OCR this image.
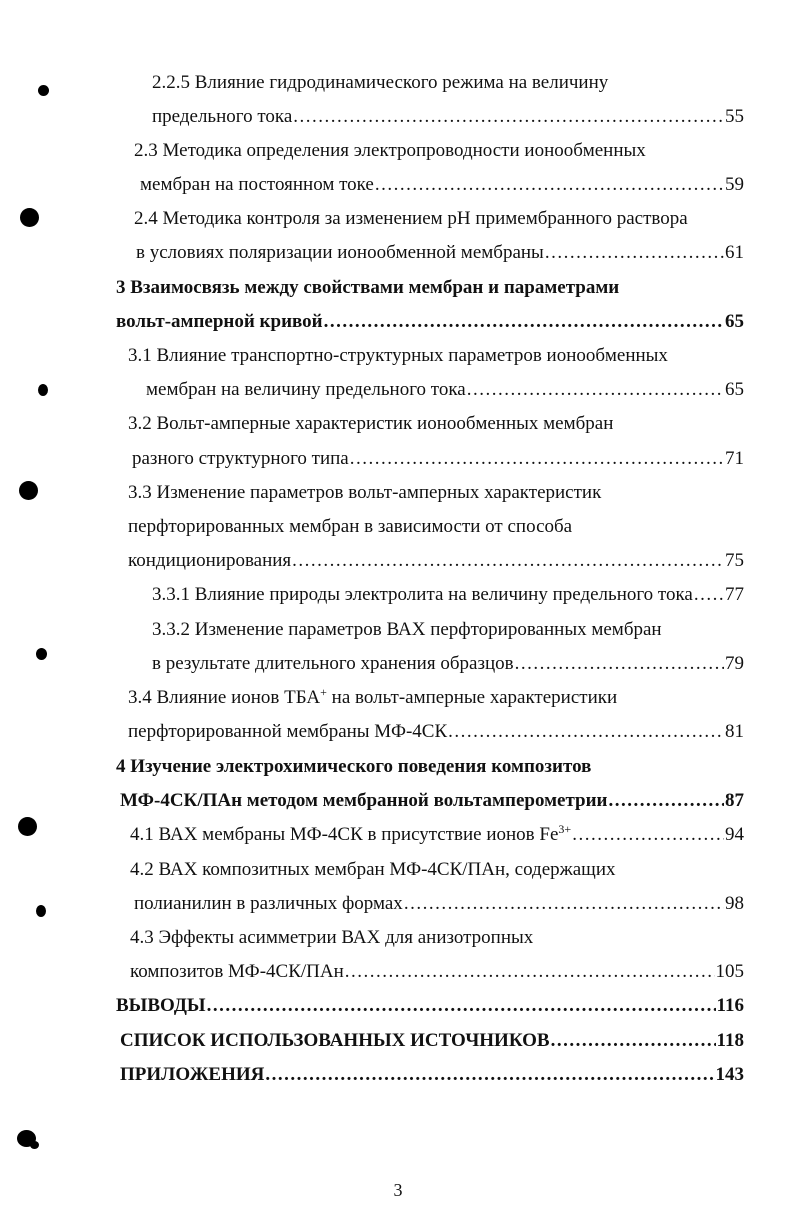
2.2.5 Влияние гидродинамического режима на величину
предельного тока .....	55
2.3 Методика определения электропроводности ионообменных
мембран на постоянном токе .....	59
2.4 Методика контроля за изменением pH примембранного раствора
в условиях поляризации ионообменной мембраны .....	61
3 Взаимосвязь между свойствами мембран и параметрами
вольт-амперной кривой .....	65
3.1 Влияние транспортно-структурных параметров ионообменных
мембран на величину предельного тока .....	65
3.2 Вольт-амперные характеристик ионообменных мембран
разного структурного типа .....	71
3.3 Изменение параметров вольт-амперных характеристик
перфторированных мембран в зависимости от способа
кондиционирования .....	75
3.3.1 Влияние природы электролита на величину предельного тока ..... 77
3.3.2 Изменение параметров ВАХ перфторированных мембран
в результате длительного хранения образцов .....	79
3.4 Влияние ионов ТБА+ на вольт-амперные характеристики
перфторированной мембраны МФ-4СК .....	81
4 Изучение электрохимического поведения композитов
МФ-4СК/ПАн методом мембранной вольтамперометрии .....	87
4.1 ВАХ мембраны МФ-4СК в присутствие ионов $Fe^{3+}$ .....	94
4.2 ВАХ композитных мембран МФ-4СК/ПАн, содержащих
полианилин в различных формах .....	98
4.3 Эффекты асимметрии ВАХ для анизотропных
композитов МФ-4СК/ПАн .....	105
ВЫВОДЫ .....	116
СПИСОК ИСПОЛЬЗОВАННЫХ ИСТОЧНИКОВ .....	118
ПРИЛОЖЕНИЯ .....	143
3
